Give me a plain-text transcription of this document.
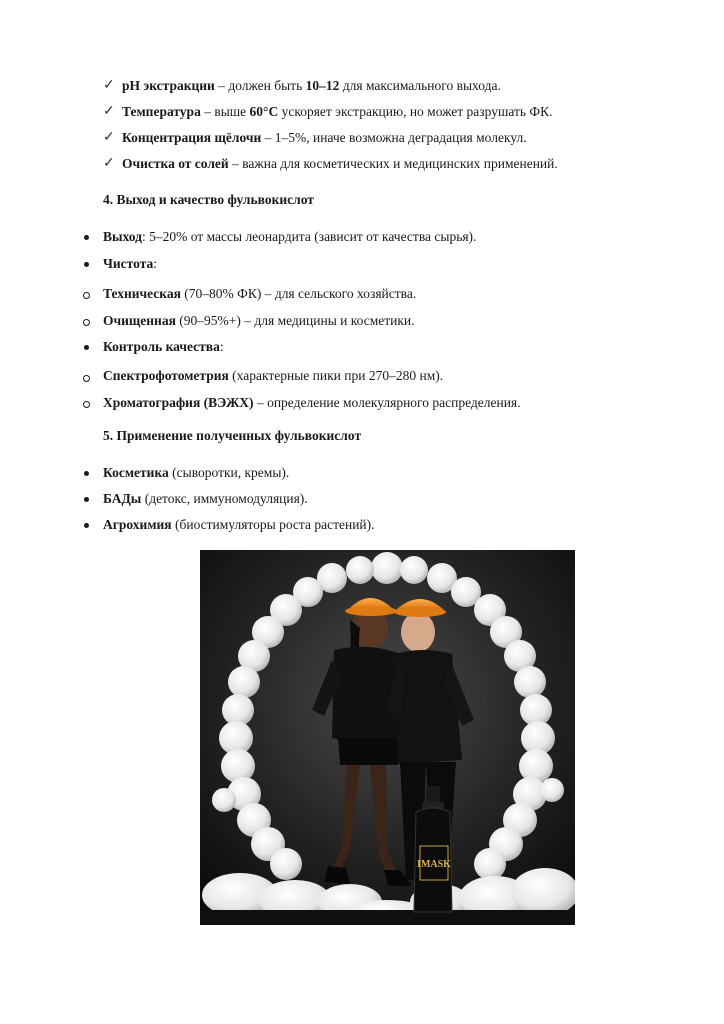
✓ pH экстракции – должен быть 10–12 для максимального выхода.
✓ Температура – выше 60°C ускоряет экстракцию, но может разрушать ФК.
✓ Концентрация щёлочи – 1–5%, иначе возможна деградация молекул.
✓ Очистка от солей – важна для косметических и медицинских применений.
4. Выход и качество фульвокислот
Выход: 5–20% от массы леонардита (зависит от качества сырья).
Чистота:
Техническая (70–80% ФК) – для сельского хозяйства.
Очищенная (90–95%+) – для медицины и косметики.
Контроль качества:
Спектрофотометрия (характерные пики при 270–280 нм).
Хроматография (ВЭЖХ) – определение молекулярного распределения.
5. Применение полученных фульвокислот
Косметика (сыворотки, кремы).
БАДы (детокс, иммуномодуляция).
Агрохимия (биостимуляторы роста растений).
IMASK
